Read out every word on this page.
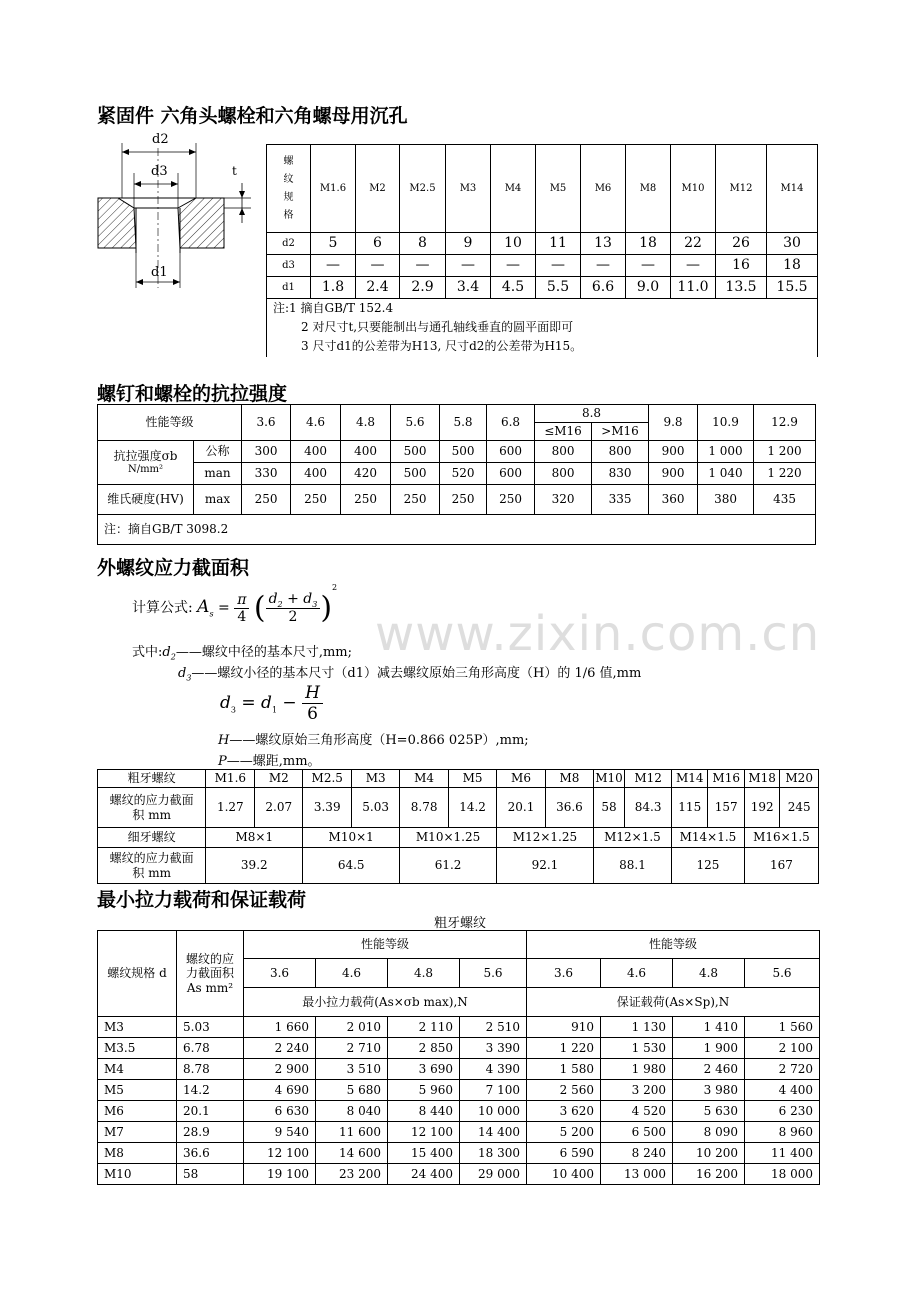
紧固件 六角头螺栓和六角螺母用沉孔
d2
d3
d1
t
螺纹规格	M1.6	M2	M2.5	M3	M4	M5	M6	M8	M10	M12	M14
d2	5	6	8	9	10	11	13	18	22	26	30
d3	—	—	—	—	—	—	—	—	—	16	18
d1	1.8	2.4	2.9	3.4	4.5	5.5	6.6	9.0	11.0	13.5	15.5

注:1 摘自GB/T 152.4
2 对尺寸t,只要能制出与通孔轴线垂直的圆平面即可
3 尺寸d1的公差带为H13, 尺寸d2的公差带为H15。											
螺钉和螺栓的抗拉强度
性能等级		3.6	4.6	4.8	5.6	5.8	6.8	8.8		9.8	10.9	12.9
								≤M16	>M16			

抗拉强度σb
N/mm²	公称	300	400	400	500	500	600	800	800	900	1 000	1 200
	man	330	400	420	500	520	600	800	830	900	1 040	1 220
维氏硬度(HV)	max	250	250	250	250	250	250	320	335	360	380	435
注：摘自GB/T 3098.2												
外螺纹应力截面积
www.zixin.com.cn
计算公式: $A_s = \frac{\pi}{4}$ ( $\frac{d_2 + d_3}{2} )^2$
式中$:d_2——$螺纹中径的基本尺寸,mm;
$d_3——$螺纹小径的基本尺寸（d1）减去螺纹原始三角形高度（H）的 1/6 值,mm
$d_3 = d_1 - \frac{H}{6}$
H——螺纹原始三角形高度（H=0.866 025P）,mm;
P——螺距,mm。
粗牙螺纹	M1.6	M2	M2.5	M3	M4	M5	M6	M8	M10	M12	M14	M16	M18	M20
螺纹的应力截面积 mm	1.27	2.07	3.39	5.03	8.78	14.2	20.1	36.6	58	84.3	115	157	192	245
细牙螺纹	M8×1		M10×1		M10×1.25		M12×1.25		M12×1.5		M14×1.5		M16×1.5	
螺纹的应力截面积 mm	39.2		64.5		61.2		92.1		88.1		125		167	
最小拉力载荷和保证载荷
粗牙螺纹
螺纹规格 d	螺纹的应力截面积As mm²	性能等级				性能等级			
		3.6	4.6	4.8	5.6	3.6	4.6	4.8	5.6
		最小拉力载荷(As×σb max),N				保证载荷(As×Sp),N			
M3	5.03	1 660	2 010	2 110	2 510	910	1 130	1 410	1 560
M3.5	6.78	2 240	2 710	2 850	3 390	1 220	1 530	1 900	2 100
M4	8.78	2 900	3 510	3 690	4 390	1 580	1 980	2 460	2 720
M5	14.2	4 690	5 680	5 960	7 100	2 560	3 200	3 980	4 400
M6	20.1	6 630	8 040	8 440	10 000	3 620	4 520	5 630	6 230
M7	28.9	9 540	11 600	12 100	14 400	5 200	6 500	8 090	8 960
M8	36.6	12 100	14 600	15 400	18 300	6 590	8 240	10 200	11 400
M10	58	19 100	23 200	24 400	29 000	10 400	13 000	16 200	18 000
